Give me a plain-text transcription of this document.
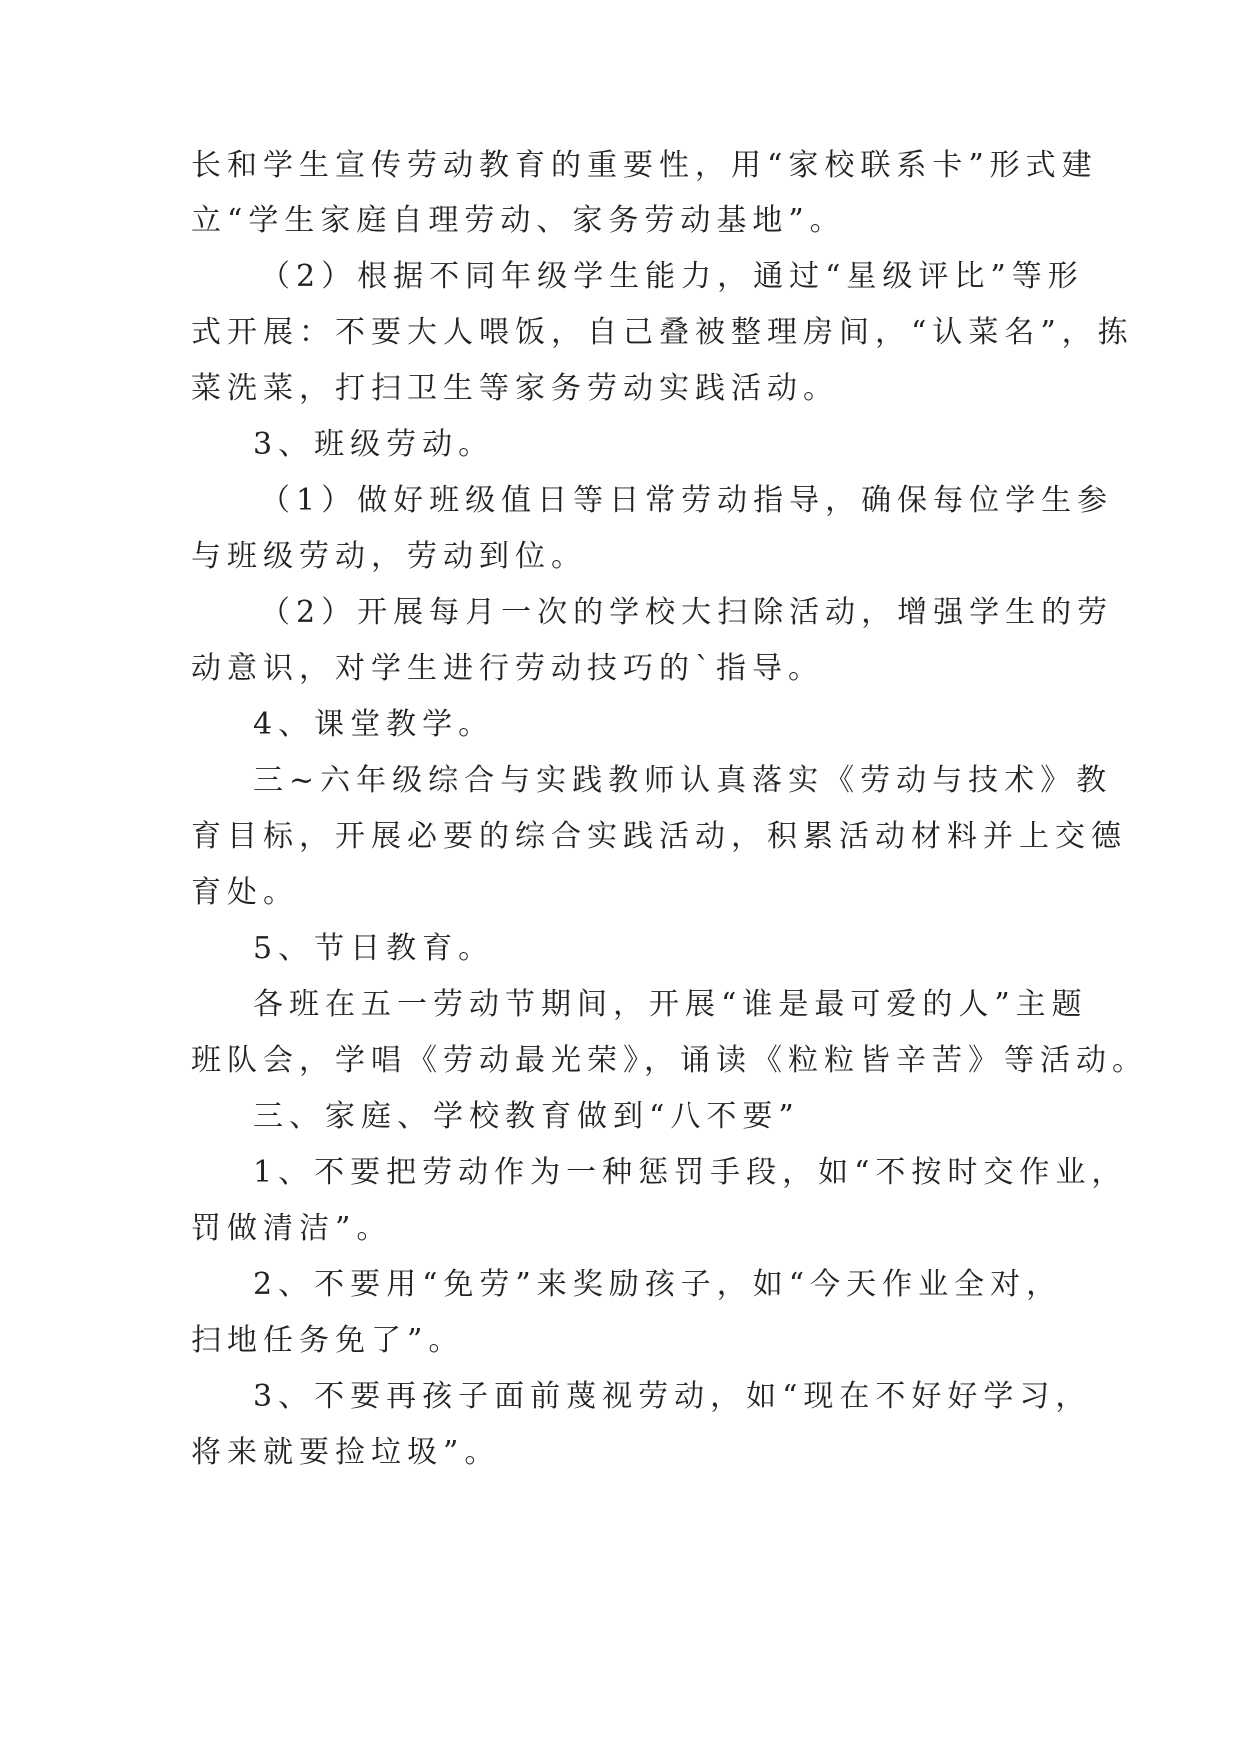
长和学生宣传劳动教育的重要性，用“家校联系卡”形式建
立“学生家庭自理劳动、家务劳动基地”。
（2）根据不同年级学生能力，通过“星级评比”等形
式开展：不要大人喂饭，自己叠被整理房间，“认菜名”，拣
菜洗菜，打扫卫生等家务劳动实践活动。
3、班级劳动。
（1）做好班级值日等日常劳动指导，确保每位学生参
与班级劳动，劳动到位。
（2）开展每月一次的学校大扫除活动，增强学生的劳
动意识，对学生进行劳动技巧的`指导。
4、课堂教学。
三~六年级综合与实践教师认真落实《劳动与技术》教
育目标，开展必要的综合实践活动，积累活动材料并上交德
育处。
5、节日教育。
各班在五一劳动节期间，开展“谁是最可爱的人”主题
班队会，学唱《劳动最光荣》，诵读《粒粒皆辛苦》等活动。
三、家庭、学校教育做到“八不要”
1、不要把劳动作为一种惩罚手段，如“不按时交作业，
罚做清洁”。
2、不要用“免劳”来奖励孩子，如“今天作业全对，
扫地任务免了”。
3、不要再孩子面前蔑视劳动，如“现在不好好学习，
将来就要捡垃圾”。
